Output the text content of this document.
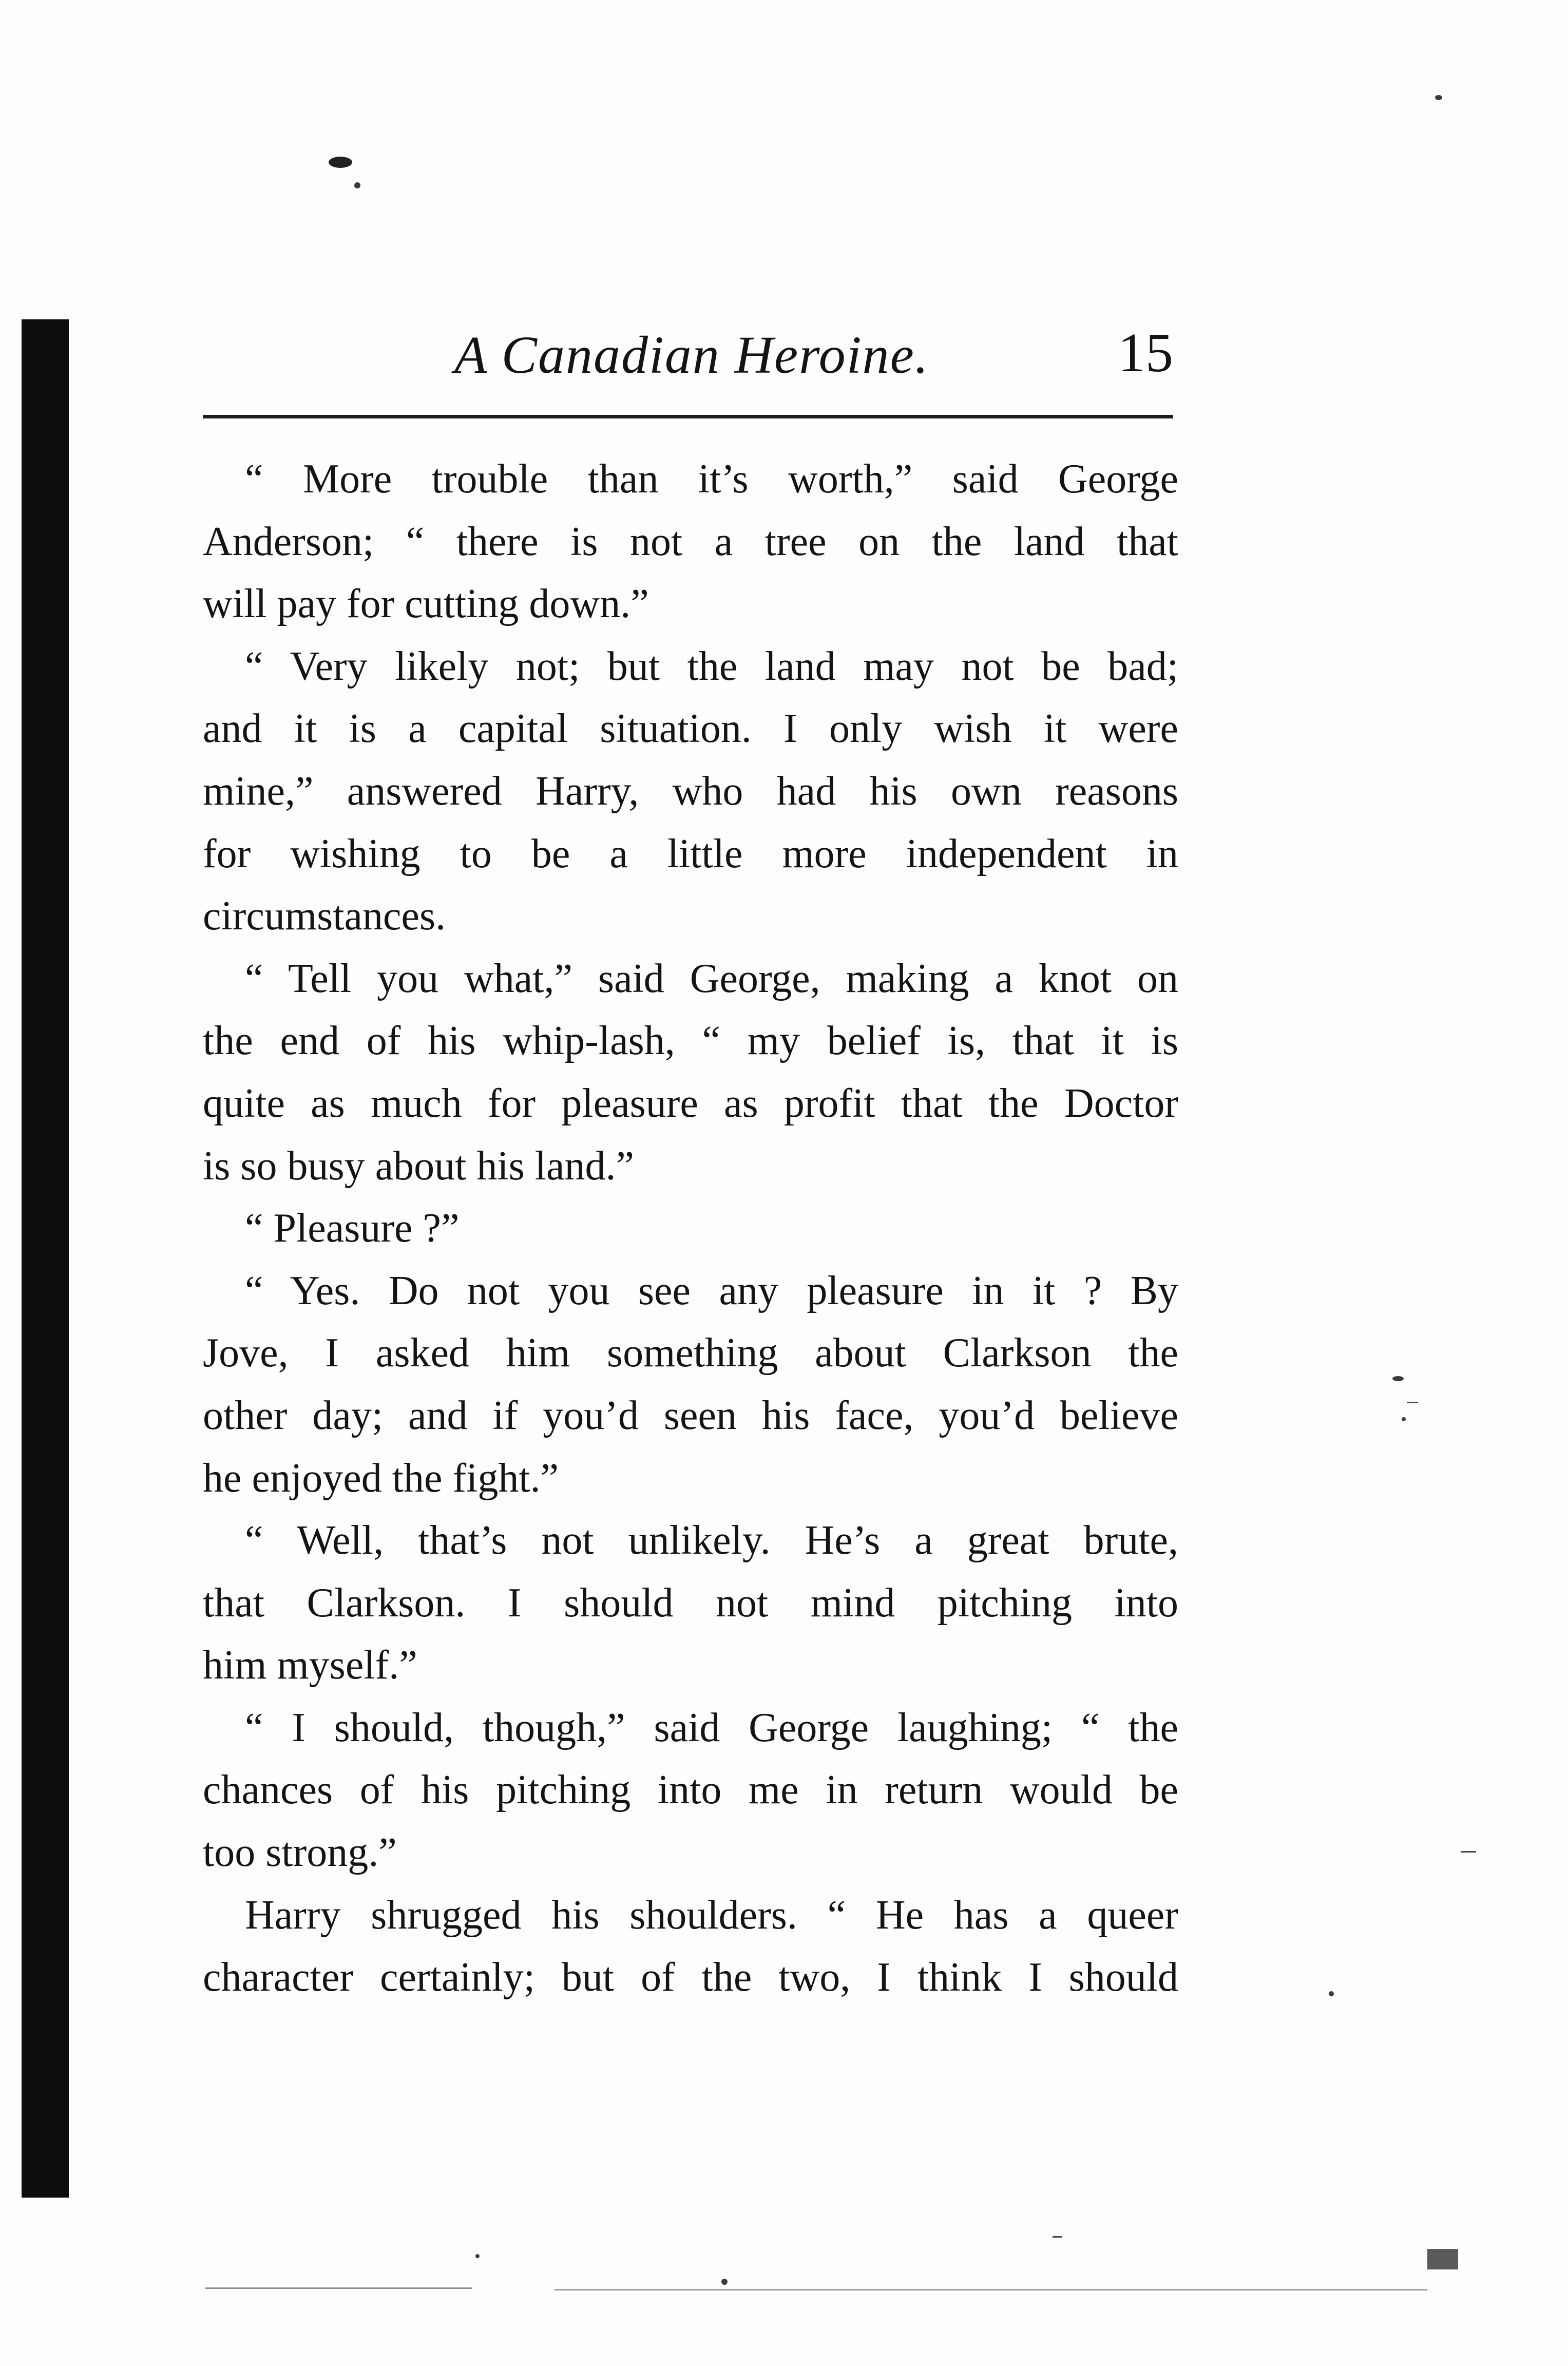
A Canadian Heroine.	15
“ More trouble than it’s worth,” said George
Anderson; “ there is not a tree on the land that
will pay for cutting down.”
“ Very likely not; but the land may not be bad;
and it is a capital situation. I only wish it were
mine,” answered Harry, who had his own reasons
for wishing to be a little more independent in
circumstances.
“ Tell you what,” said George, making a knot on
the end of his whip-lash, “ my belief is, that it is
quite as much for pleasure as profit that the Doctor
is so busy about his land.”
“ Pleasure ?”
“ Yes. Do not you see any pleasure in it ? By
Jove, I asked him something about Clarkson the
other day; and if you’d seen his face, you’d believe
he enjoyed the fight.”
“ Well, that’s not unlikely. He’s a great brute,
that Clarkson. I should not mind pitching into
him myself.”
“ I should, though,” said George laughing; “ the
chances of his pitching into me in return would be
too strong.”
Harry shrugged his shoulders. “ He has a queer
character certainly; but of the two, I think I should
